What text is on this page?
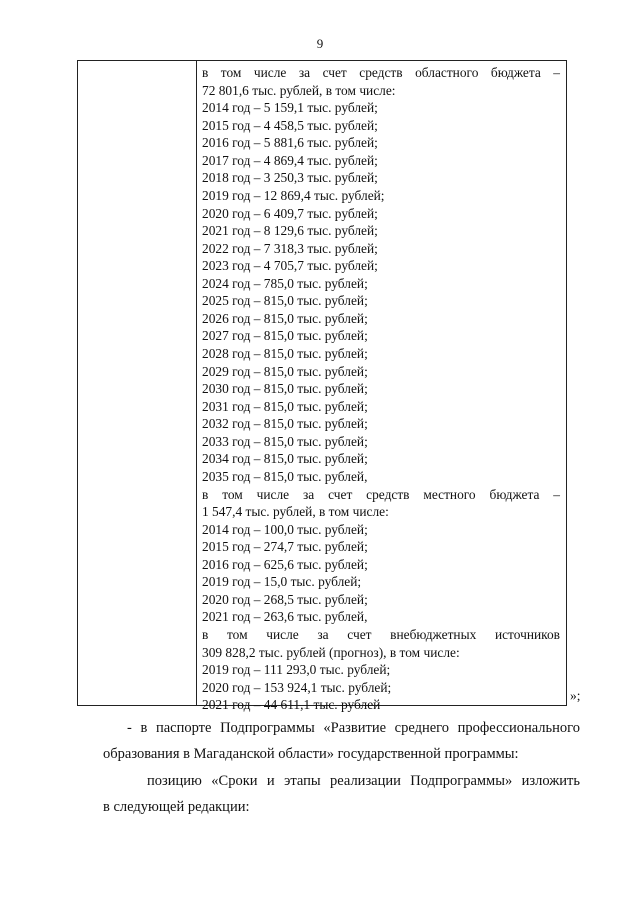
9
в том числе за счет средств областного бюджета –
72 801,6 тыс. рублей, в том числе:
2014 год – 5 159,1 тыс. рублей;
2015 год – 4 458,5 тыс. рублей;
2016 год – 5 881,6 тыс. рублей;
2017 год – 4 869,4 тыс. рублей;
2018 год – 3 250,3 тыс. рублей;
2019 год – 12 869,4 тыс. рублей;
2020 год – 6 409,7 тыс. рублей;
2021 год – 8 129,6 тыс. рублей;
2022 год – 7 318,3 тыс. рублей;
2023 год – 4 705,7 тыс. рублей;
2024 год – 785,0 тыс. рублей;
2025 год – 815,0 тыс. рублей;
2026 год – 815,0 тыс. рублей;
2027 год – 815,0 тыс. рублей;
2028 год – 815,0 тыс. рублей;
2029 год – 815,0 тыс. рублей;
2030 год – 815,0 тыс. рублей;
2031 год – 815,0 тыс. рублей;
2032 год – 815,0 тыс. рублей;
2033 год – 815,0 тыс. рублей;
2034 год – 815,0 тыс. рублей;
2035 год – 815,0 тыс. рублей,
в том числе за счет средств местного бюджета –
1 547,4 тыс. рублей, в том числе:
2014 год – 100,0 тыс. рублей;
2015 год – 274,7 тыс. рублей;
2016 год – 625,6 тыс. рублей;
2019 год – 15,0 тыс. рублей;
2020 год – 268,5 тыс. рублей;
2021 год – 263,6 тыс. рублей,
в том числе за счет внебюджетных источников
309 828,2 тыс. рублей (прогноз), в том числе:
2019 год – 111 293,0 тыс. рублей;
2020 год – 153 924,1 тыс. рублей;
2021 год – 44 611,1 тыс. рублей
»;
- в паспорте Подпрограммы «Развитие среднего профессионального
образования в Магаданской области» государственной программы:
позицию «Сроки и этапы реализации Подпрограммы» изложить
в следующей редакции:
